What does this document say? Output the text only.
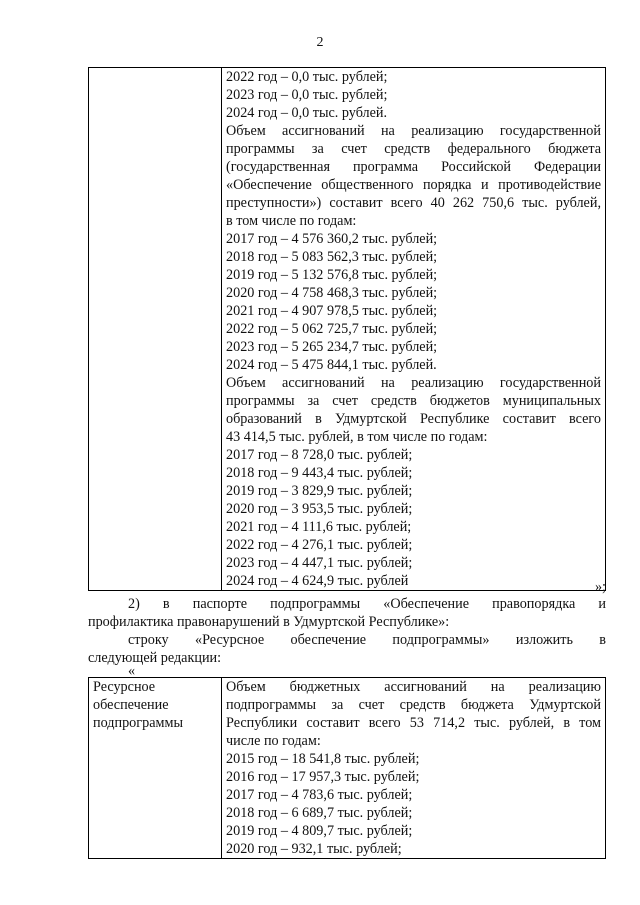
2

2022 год – 0,0 тыс. рублей;
2023 год – 0,0 тыс. рублей;
2024 год – 0,0 тыс. рублей.
Объем ассигнований на реализацию государственной
программы за счет средств федерального бюджета
(государственная программа Российской Федерации
«Обеспечение общественного порядка и противодействие
преступности») составит всего 40 262 750,6 тыс. рублей,
в том числе по годам:
2017 год – 4 576 360,2 тыс. рублей;
2018 год – 5 083 562,3 тыс. рублей;
2019 год – 5 132 576,8 тыс. рублей;
2020 год – 4 758 468,3 тыс. рублей;
2021 год – 4 907 978,5 тыс. рублей;
2022 год – 5 062 725,7 тыс. рублей;
2023 год – 5 265 234,7 тыс. рублей;
2024 год – 5 475 844,1 тыс. рублей.
Объем ассигнований на реализацию государственной
программы за счет средств бюджетов муниципальных
образований в Удмуртской Республике составит всего
43 414,5 тыс. рублей, в том числе по годам:
2017 год – 8 728,0 тыс. рублей;
2018 год – 9 443,4 тыс. рублей;
2019 год – 3 829,9 тыс. рублей;
2020 год – 3 953,5 тыс. рублей;
2021 год – 4 111,6 тыс. рублей;
2022 год – 4 276,1 тыс. рублей;
2023 год – 4 447,1 тыс. рублей;
2024 год – 4 624,9 тыс. рублей	»;
2) в паспорте подпрограммы «Обеспечение правопорядка и
профилактика правонарушений в Удмуртской Республике»:
строку «Ресурсное обеспечение подпрограммы» изложить в
следующей редакции:
«
Ресурсное
обеспечение
подпрограммы

Объем бюджетных ассигнований на реализацию
подпрограммы за счет средств бюджета Удмуртской
Республики составит всего 53 714,2 тыс. рублей, в том
числе по годам:
2015 год – 18 541,8 тыс. рублей;
2016 год – 17 957,3 тыс. рублей;
2017 год – 4 783,6 тыс. рублей;
2018 год – 6 689,7 тыс. рублей;
2019 год – 4 809,7 тыс. рублей;
2020 год – 932,1 тыс. рублей;
